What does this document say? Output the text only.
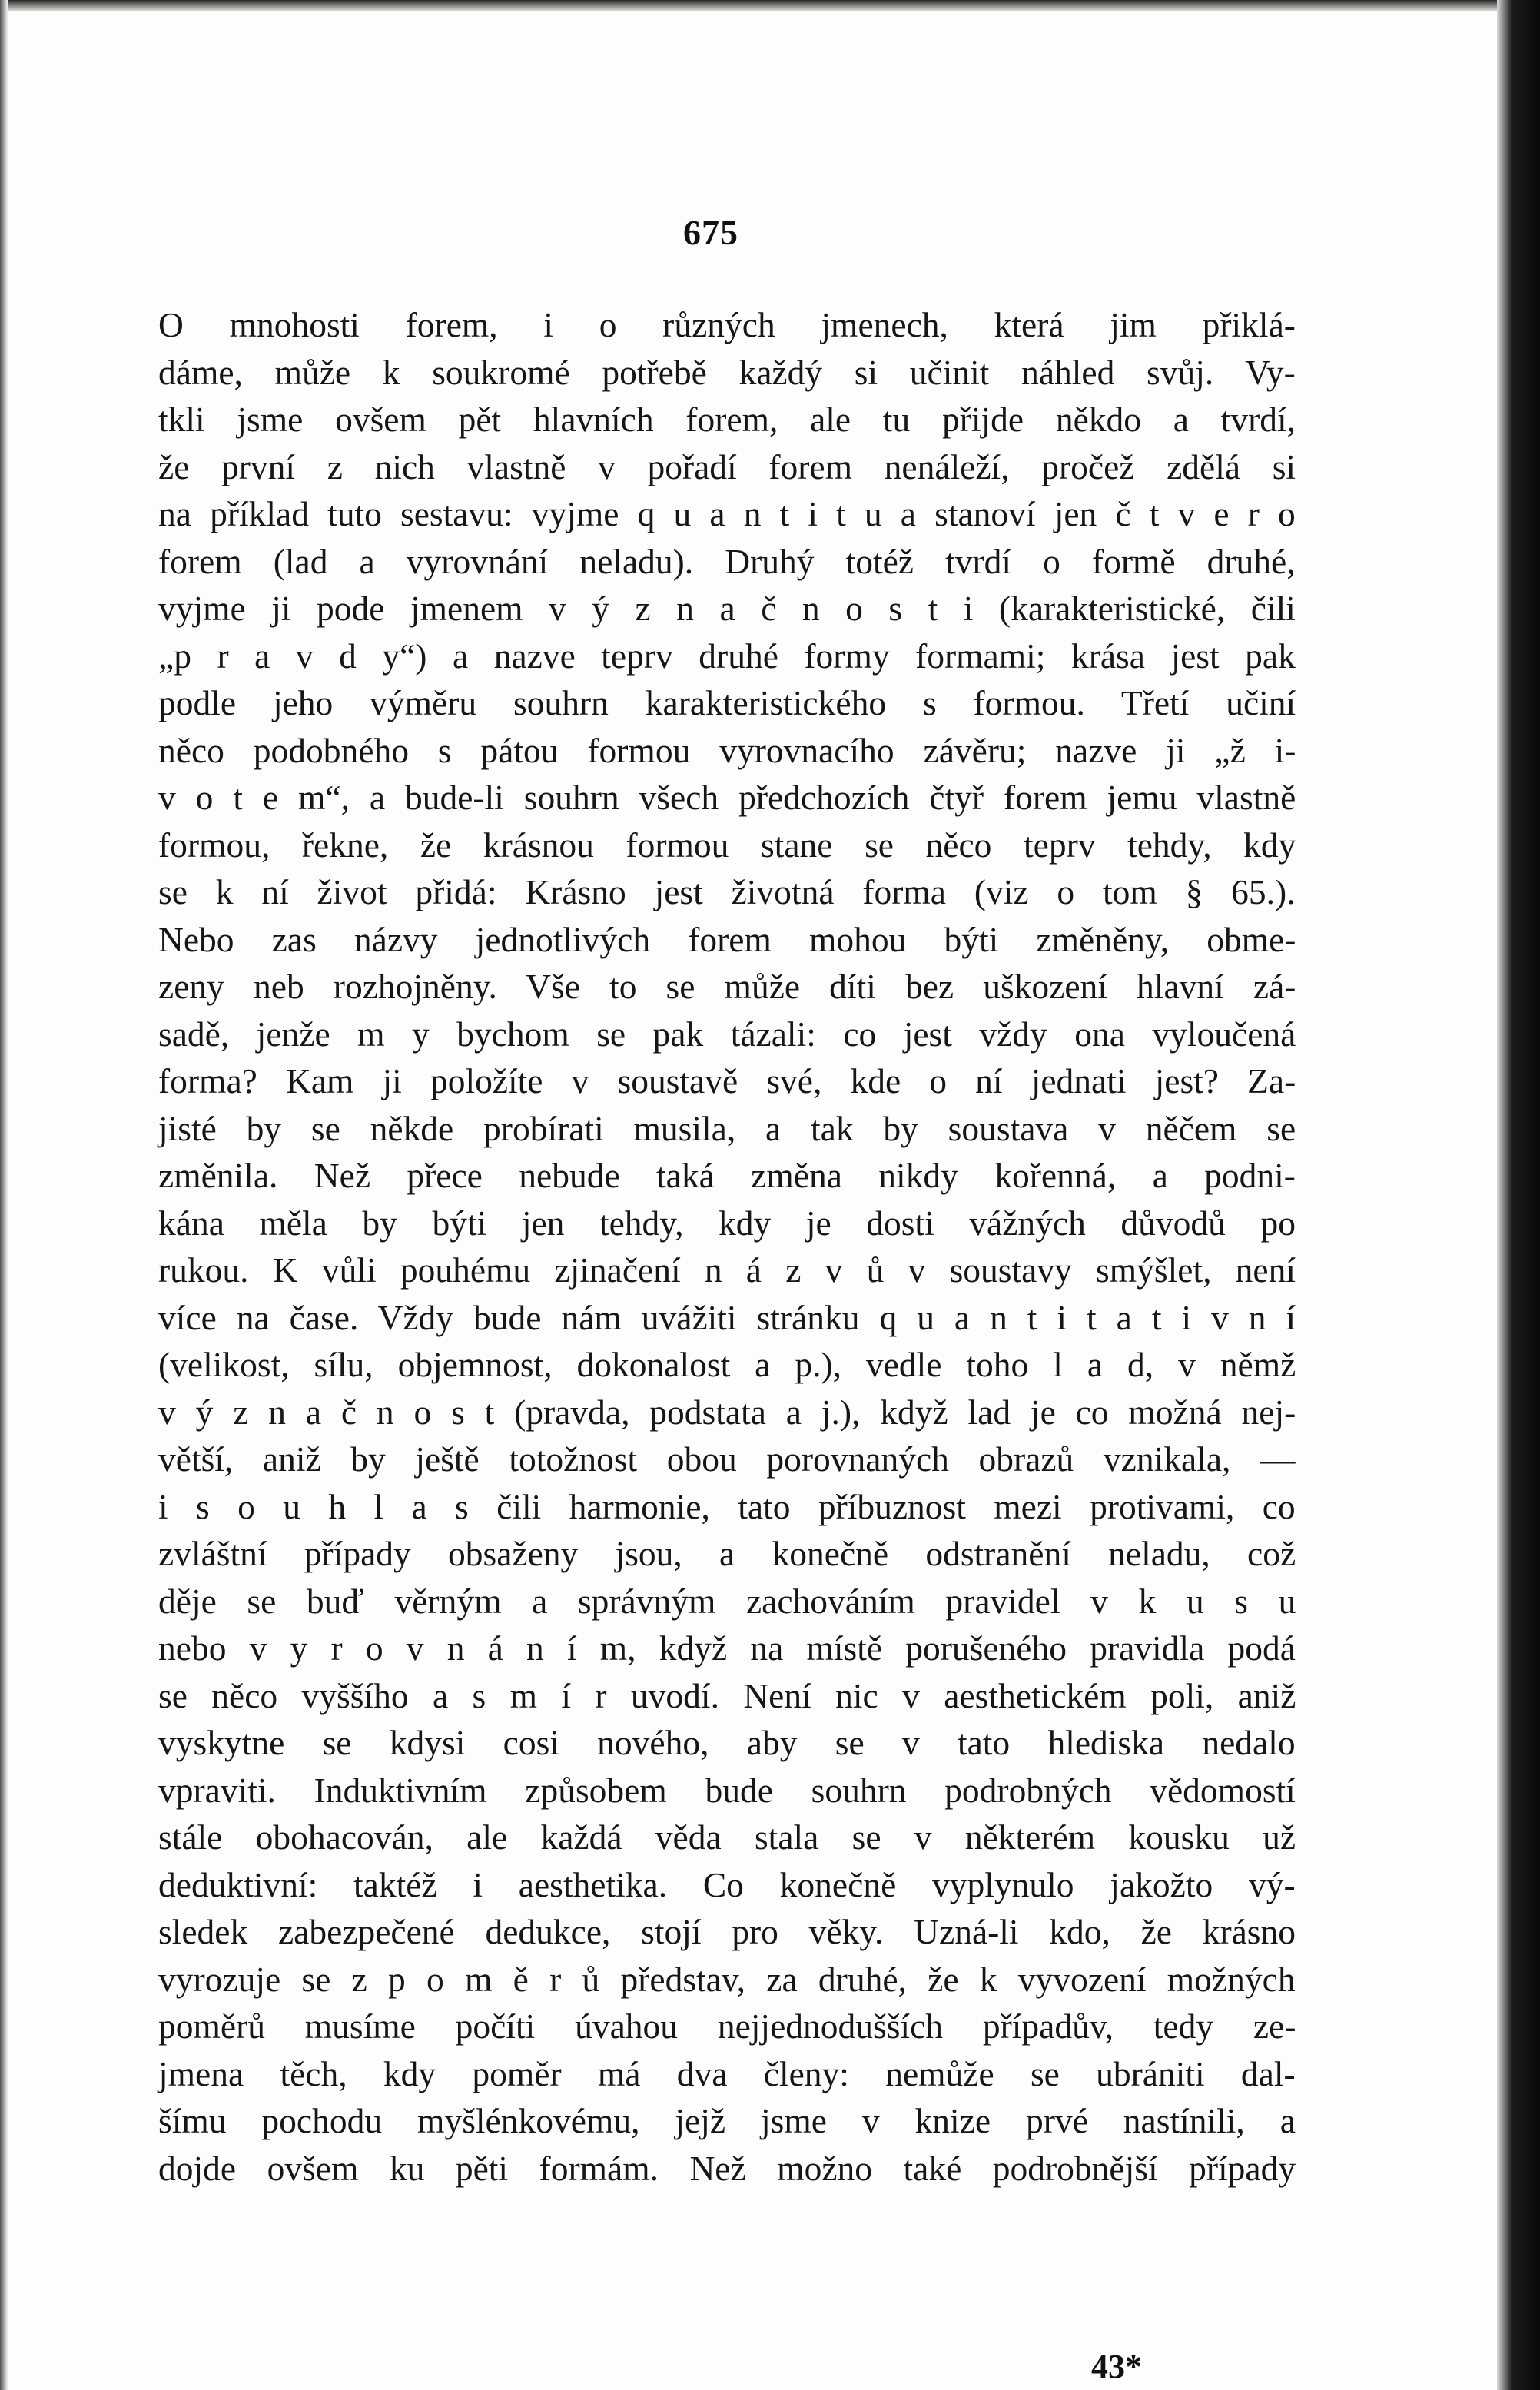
675
O mnohosti forem, i o různých jmenech, která jim přiklá-
dáme, může k soukromé potřebě každý si učinit náhled svůj. Vy-
tkli jsme ovšem pět hlavních forem, ale tu přijde někdo a tvrdí,
že první z nich vlastně v pořadí forem nenáleží, pročež zdělá si
na příklad tuto sestavu: vyjme q u a n t i t u a stanoví jen č t v e r o
forem (lad a vyrovnání neladu). Druhý totéž tvrdí o formě druhé,
vyjme ji pode jmenem v ý z n a č n o s t i (karakteristické, čili
„p r a v d y“) a nazve teprv druhé formy formami; krása jest pak
podle jeho výměru souhrn karakteristického s formou. Třetí učiní
něco podobného s pátou formou vyrovnacího závěru; nazve ji „ž i-
v o t e m“, a bude-li souhrn všech předchozích čtyř forem jemu vlastně
formou, řekne, že krásnou formou stane se něco teprv tehdy, kdy
se k ní život přidá: Krásno jest životná forma (viz o tom § 65.).
Nebo zas názvy jednotlivých forem mohou býti změněny, obme-
zeny neb rozhojněny. Vše to se může díti bez uškození hlavní zá-
sadě, jenže m y bychom se pak tázali: co jest vždy ona vyloučená
forma? Kam ji položíte v soustavě své, kde o ní jednati jest? Za-
jisté by se někde probírati musila, a tak by soustava v něčem se
změnila. Než přece nebude taká změna nikdy kořenná, a podni-
kána měla by býti jen tehdy, kdy je dosti vážných důvodů po
rukou. K vůli pouhému zjinačení n á z v ů v soustavy smýšlet, není
více na čase. Vždy bude nám uvážiti stránku q u a n t i t a t i v n í
(velikost, sílu, objemnost, dokonalost a p.), vedle toho l a d, v němž
v ý z n a č n o s t (pravda, podstata a j.), když lad je co možná nej-
větší, aniž by ještě totožnost obou porovnaných obrazů vznikala, —
i s o u h l a s čili harmonie, tato příbuznost mezi protivami, co
zvláštní případy obsaženy jsou, a konečně odstranění neladu, což
děje se buď věrným a správným zachováním pravidel v k u s u
nebo v y r o v n á n í m, když na místě porušeného pravidla podá
se něco vyššího a s m í r uvodí. Není nic v aesthetickém poli, aniž
vyskytne se kdysi cosi nového, aby se v tato hlediska nedalo
vpraviti. Induktivním způsobem bude souhrn podrobných vědomostí
stále obohacován, ale každá věda stala se v některém kousku už
deduktivní: taktéž i aesthetika. Co konečně vyplynulo jakožto vý-
sledek zabezpečené dedukce, stojí pro věky. Uzná-li kdo, že krásno
vyrozuje se z p o m ě r ů představ, za druhé, že k vyvození možných
poměrů musíme počíti úvahou nejjednodušších případův, tedy ze-
jmena těch, kdy poměr má dva členy: nemůže se ubrániti dal-
šímu pochodu myšlénkovému, jejž jsme v knize prvé nastínili, a
dojde ovšem ku pěti formám. Než možno také podrobnější případy
43*
